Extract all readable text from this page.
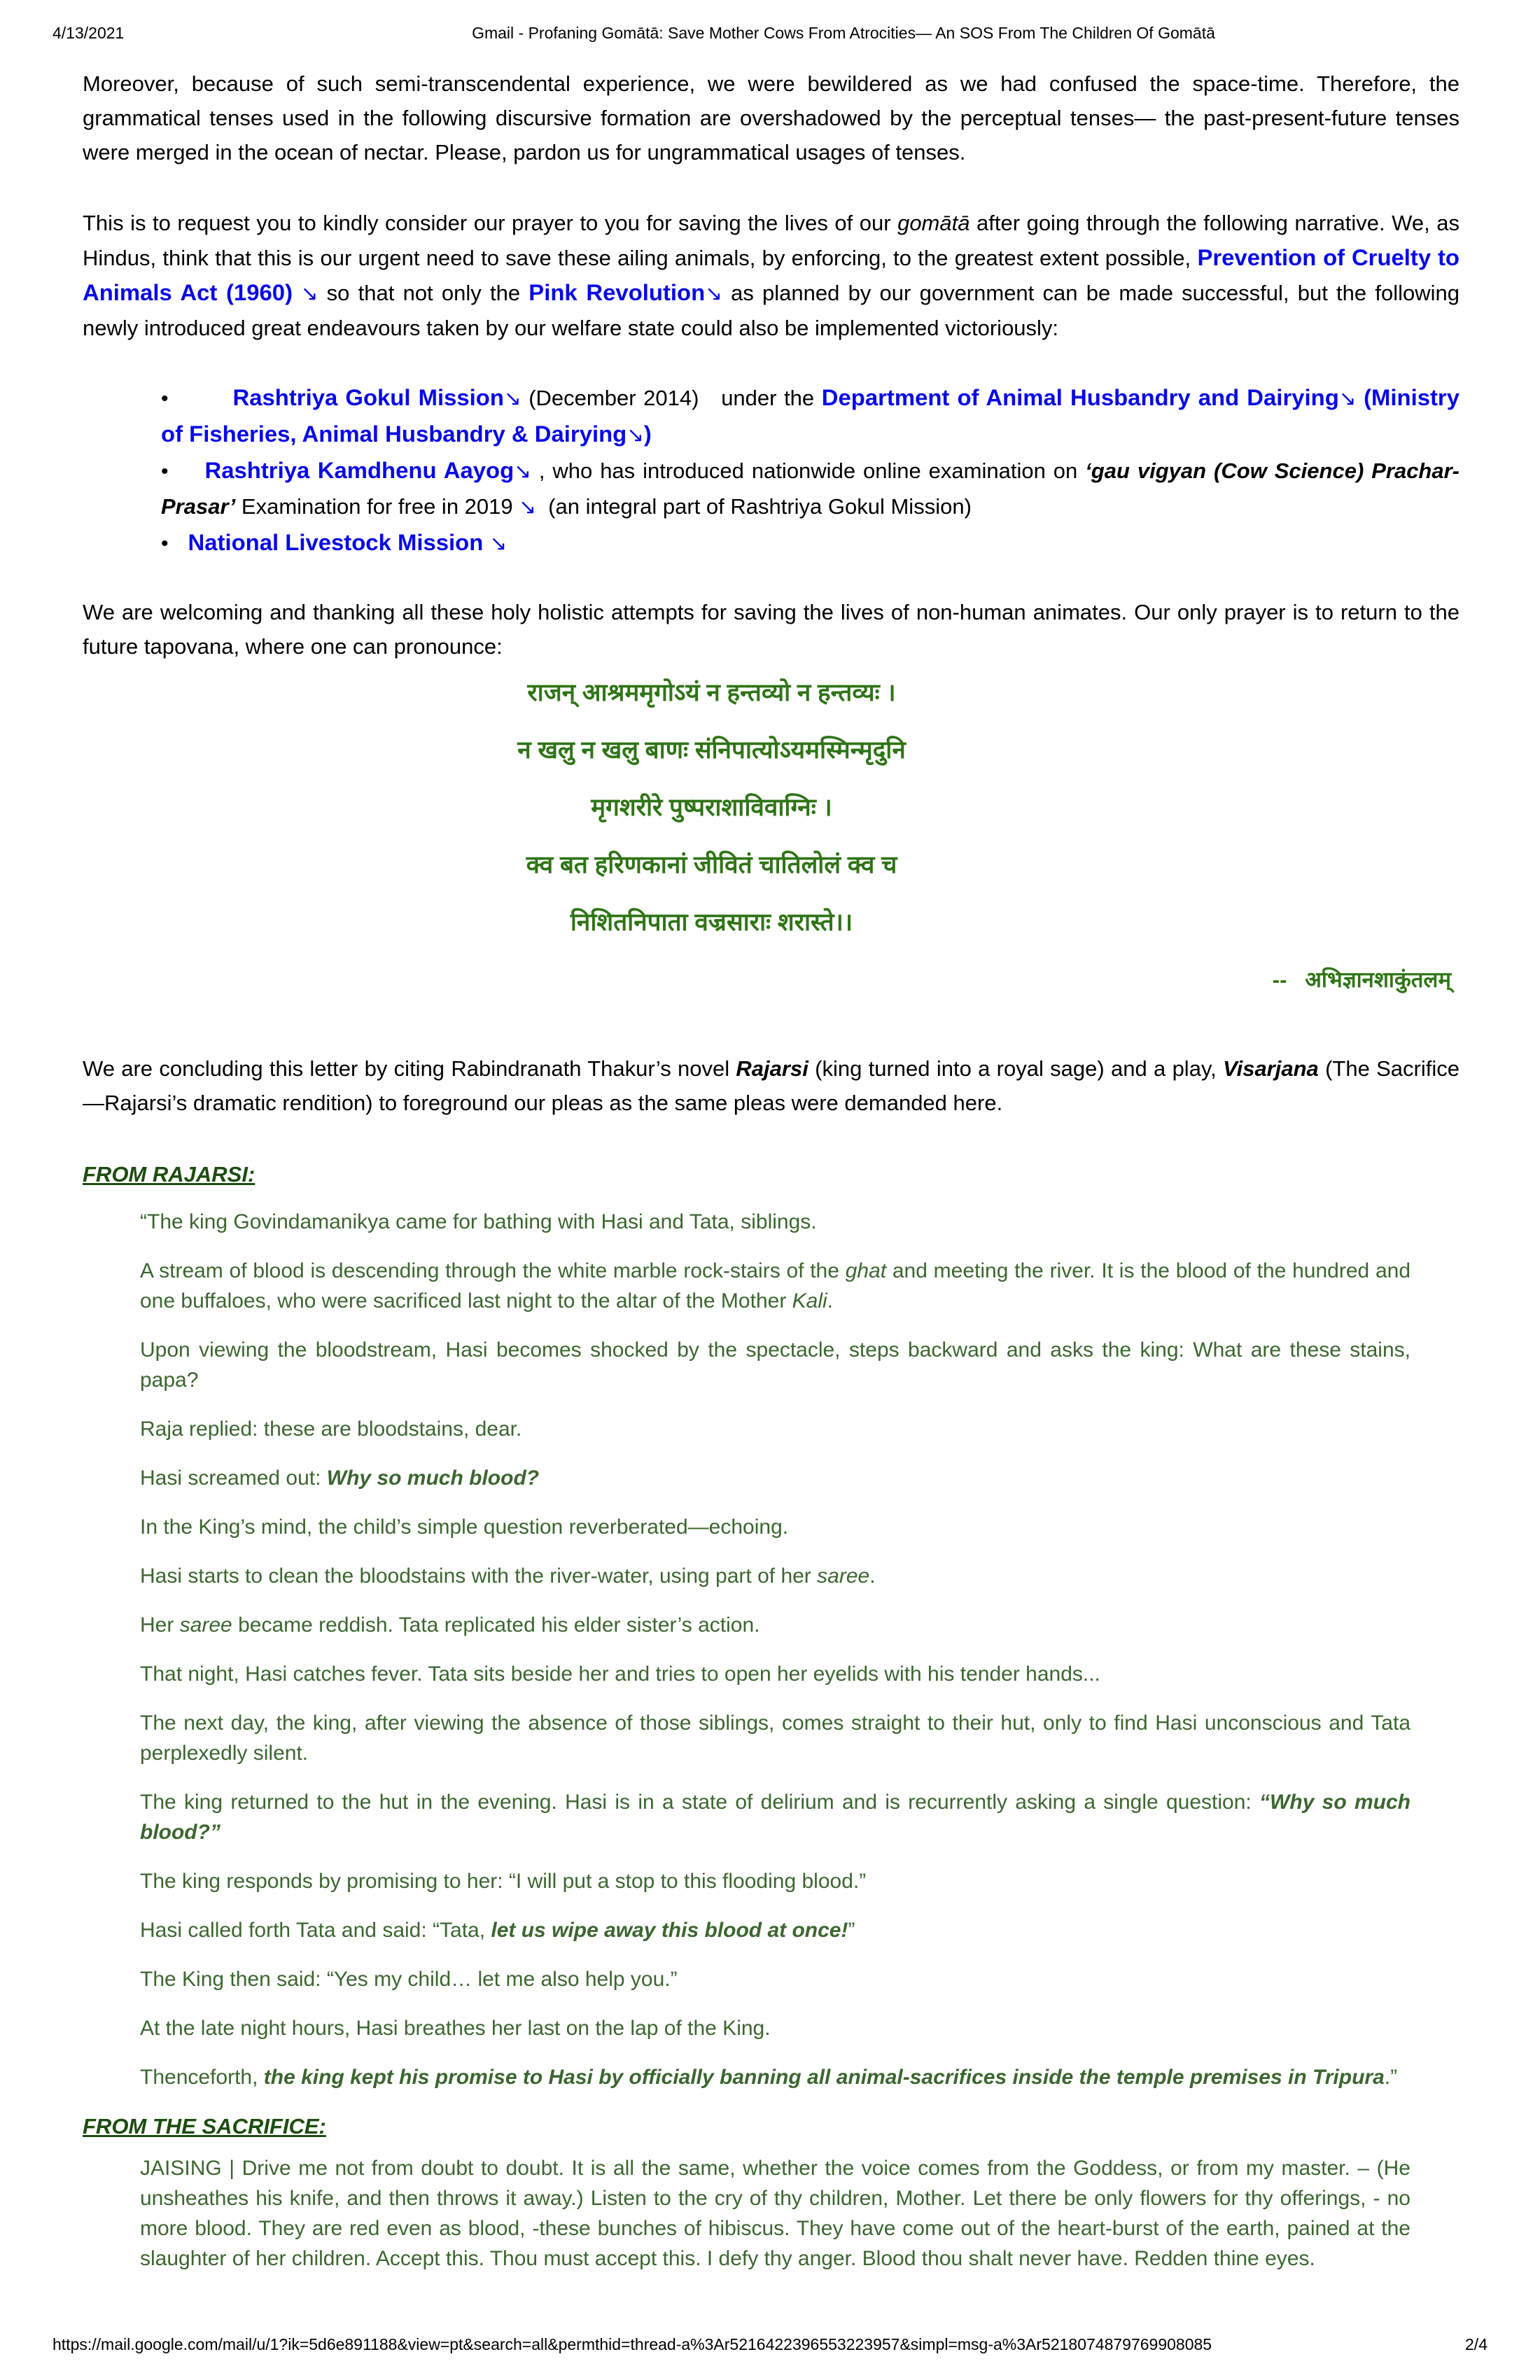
4/13/2021	Gmail - Profaning Gomātā: Save Mother Cows From Atrocities— An SOS From The Children Of Gomātā

Moreover, because of such semi-transcendental experience, we were bewildered as we had confused the space-time. Therefore, the grammatical tenses used in the following discursive formation are overshadowed by the perceptual tenses— the past-present-future tenses were merged in the ocean of nectar. Please, pardon us for ungrammatical usages of tenses.

This is to request you to kindly consider our prayer to you for saving the lives of our gomātā after going through the following narrative. We, as Hindus, think that this is our urgent need to save these ailing animals, by enforcing, to the greatest extent possible, Prevention of Cruelty to Animals Act (1960) ↘ so that not only the Pink Revolution↘ as planned by our government can be made successful, but the following newly introduced great endeavours taken by our welfare state could also be implemented victoriously:

•	Rashtriya Gokul Mission↘ (December 2014)   under the Department of Animal Husbandry and Dairying↘ (Ministry of Fisheries, Animal Husbandry & Dairying↘)

• Rashtriya Kamdhenu Aayog↘ , who has introduced nationwide online examination on ‘gau vigyan (Cow Science) Prachar-Prasar’ Examination for free in 2019 ↘  (an integral part of Rashtriya Gokul Mission)

• National Livestock Mission ↘

We are welcoming and thanking all these holy holistic attempts for saving the lives of non-human animates. Our only prayer is to return to the future tapovana, where one can pronounce:

राजन् आश्रममृगोऽयं न हन्तव्यो न हन्तव्यः ।

न खलु न खलु बाणः संनिपात्योऽयमस्मिन्मृदुनि

मृगशरीरे पुष्पराशाविवाग्निः ।

क्व बत हरिणकानां जीवितं चातिलोलं क्व च

निशितनिपाता वज्रसाराः शरास्ते।।

--   अभिज्ञानशाकुंतलम्

We are concluding this letter by citing Rabindranath Thakur’s novel Rajarsi (king turned into a royal sage) and a play, Visarjana (The Sacrifice—Rajarsi’s dramatic rendition) to foreground our pleas as the same pleas were demanded here.

FROM RAJARSI:

“The king Govindamanikya came for bathing with Hasi and Tata, siblings.

A stream of blood is descending through the white marble rock-stairs of the ghat and meeting the river. It is the blood of the hundred and one buffaloes, who were sacrificed last night to the altar of the Mother Kali.

Upon viewing the bloodstream, Hasi becomes shocked by the spectacle, steps backward and asks the king: What are these stains, papa?

Raja replied: these are bloodstains, dear.

Hasi screamed out: Why so much blood?

In the King’s mind, the child’s simple question reverberated—echoing.

Hasi starts to clean the bloodstains with the river-water, using part of her saree.

Her saree became reddish. Tata replicated his elder sister’s action.

That night, Hasi catches fever. Tata sits beside her and tries to open her eyelids with his tender hands...

The next day, the king, after viewing the absence of those siblings, comes straight to their hut, only to find Hasi unconscious and Tata perplexedly silent.

The king returned to the hut in the evening. Hasi is in a state of delirium and is recurrently asking a single question: “Why so much blood?”

The king responds by promising to her: “I will put a stop to this flooding blood.”

Hasi called forth Tata and said: “Tata, let us wipe away this blood at once!”

The King then said: “Yes my child… let me also help you.”

At the late night hours, Hasi breathes her last on the lap of the King.

Thenceforth, the king kept his promise to Hasi by officially banning all animal-sacrifices inside the temple premises in Tripura.”

FROM THE SACRIFICE:

JAISING | Drive me not from doubt to doubt. It is all the same, whether the voice comes from the Goddess, or from my master. – (He unsheathes his knife, and then throws it away.) Listen to the cry of thy children, Mother. Let there be only flowers for thy offerings, - no more blood. They are red even as blood, -these bunches of hibiscus. They have come out of the heart-burst of the earth, pained at the slaughter of her children. Accept this. Thou must accept this. I defy thy anger. Blood thou shalt never have. Redden thine eyes.

https://mail.google.com/mail/u/1?ik=5d6e891188&view=pt&search=all&permthid=thread-a%3Ar5216422396553223957&simpl=msg-a%3Ar5218074879769908085	2/4
